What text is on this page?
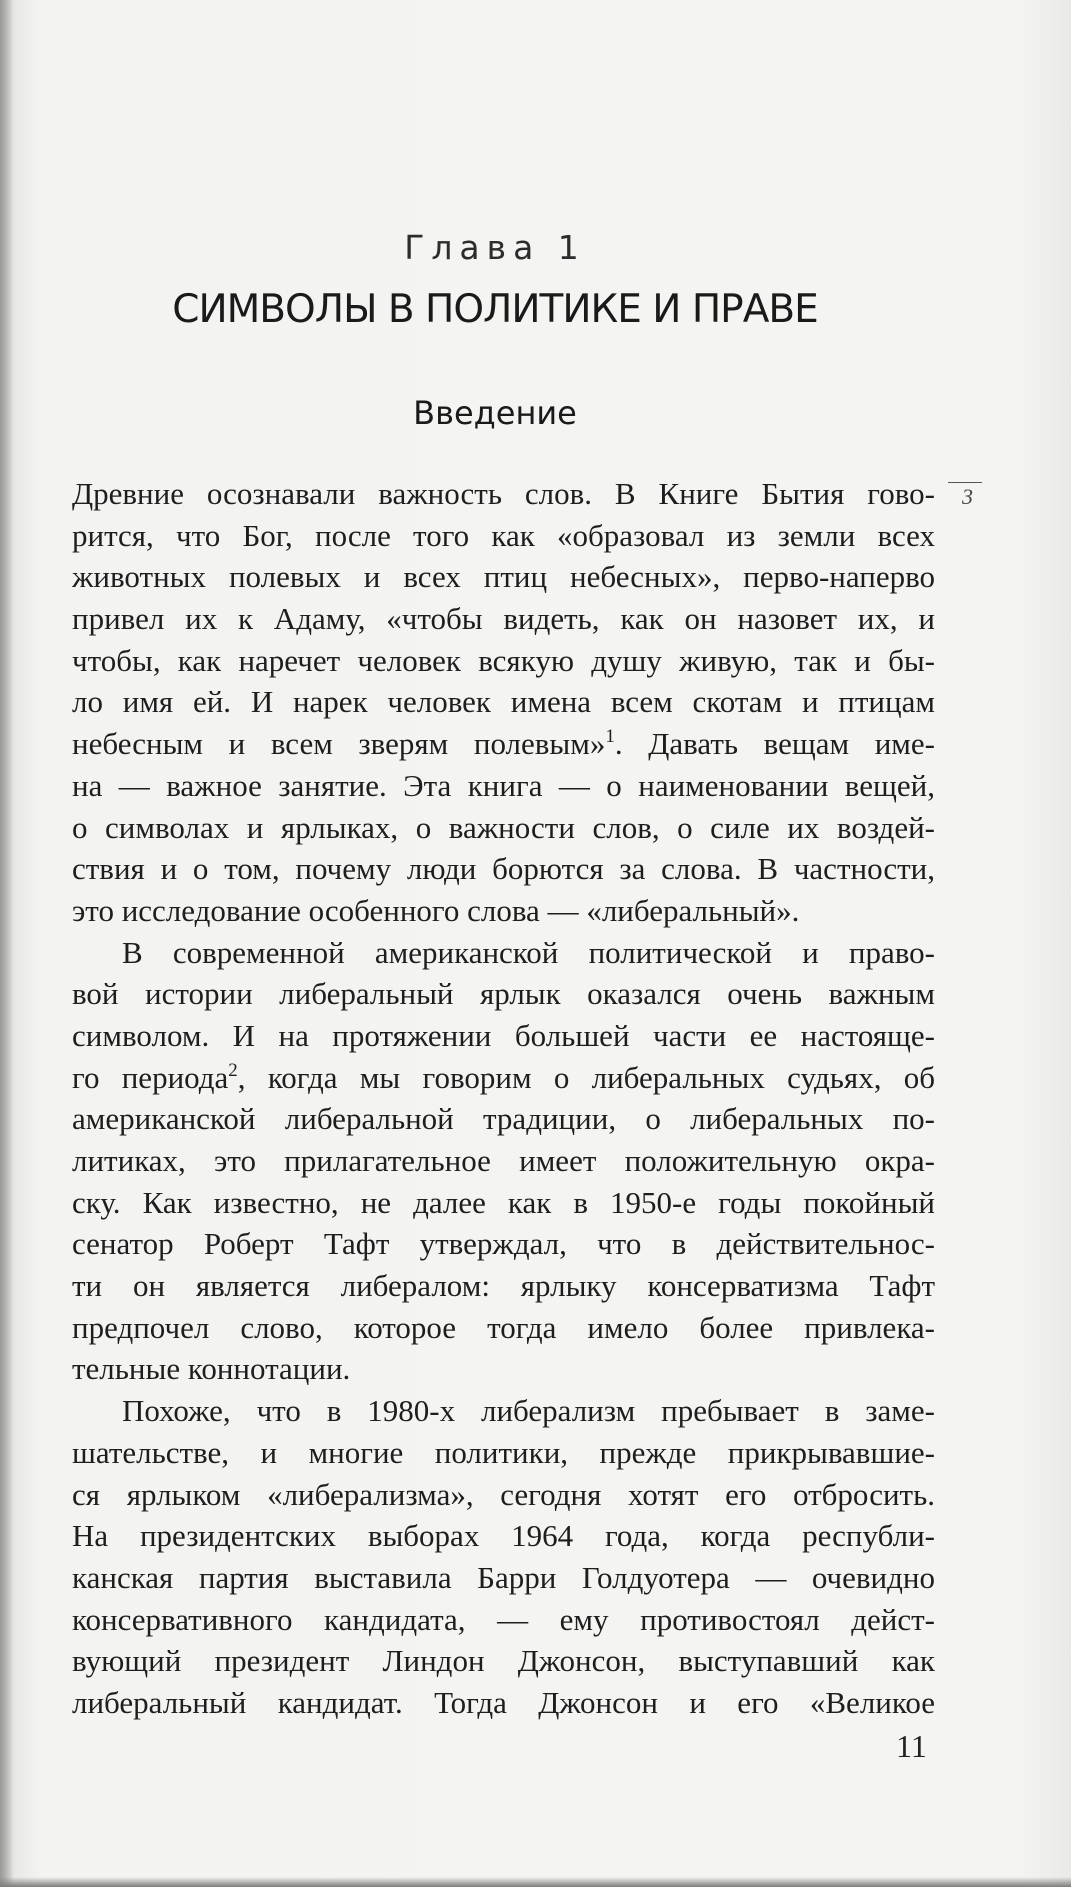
Глава 1
СИМВОЛЫ В ПОЛИТИКЕ И ПРАВЕ
Введение
3
Древние осознавали важность слов. В Книге Бытия гово-
рится, что Бог, после того как «образовал из земли всех
животных полевых и всех птиц небесных», перво-наперво
привел их к Адаму, «чтобы видеть, как он назовет их, и
чтобы, как наречет человек всякую душу живую, так и бы-
ло имя ей. И нарек человек имена всем скотам и птицам
небесным и всем зверям полевым»$^1$. Давать вещам име-
на — важное занятие. Эта книга — о наименовании вещей,
о символах и ярлыках, о важности слов, о силе их воздей-
ствия и о том, почему люди борются за слова. В частности,
это исследование особенного слова — «либеральный».
В современной американской политической и право-
вой истории либеральный ярлык оказался очень важным
символом. И на протяжении большей части ее настояще-
го периода$^2$, когда мы говорим о либеральных судьях, об
американской либеральной традиции, о либеральных по-
литиках, это прилагательное имеет положительную окра-
ску. Как известно, не далее как в 1950-е годы покойный
сенатор Роберт Тафт утверждал, что в действительнос-
ти он является либералом: ярлыку консерватизма Тафт
предпочел слово, которое тогда имело более привлека-
тельные коннотации.
Похоже, что в 1980-х либерализм пребывает в заме-
шательстве, и многие политики, прежде прикрывавшие-
ся ярлыком «либерализма», сегодня хотят его отбросить.
На президентских выборах 1964 года, когда республи-
канская партия выставила Барри Голдуотера — очевидно
консервативного кандидата, — ему противостоял дейст-
вующий президент Линдон Джонсон, выступавший как
либеральный кандидат. Тогда Джонсон и его «Великое
11
